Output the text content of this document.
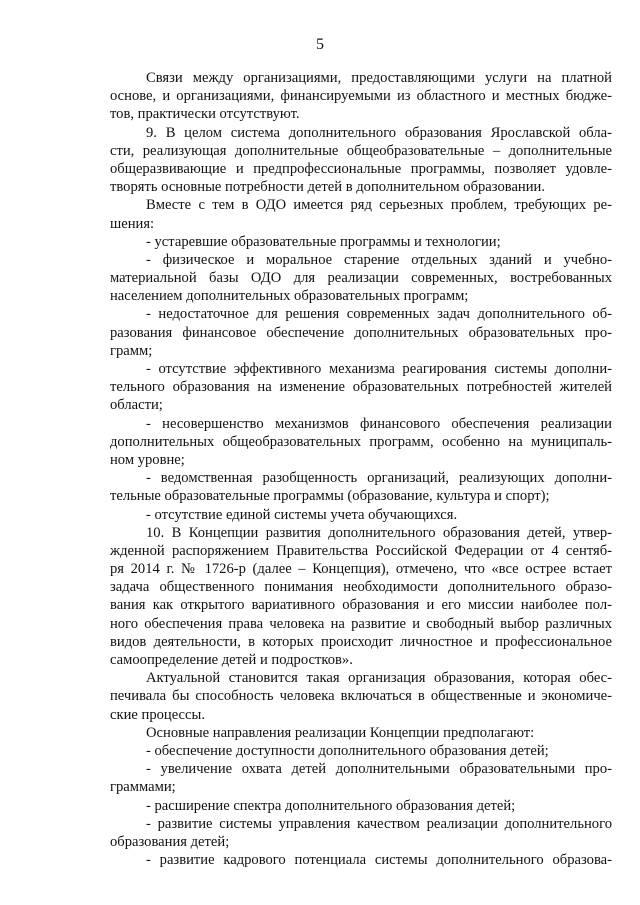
5
Связи между организациями, предоставляющими услуги на платной
основе, и организациями, финансируемыми из областного и местных бюдже-
тов, практически отсутствуют.
9. В целом система дополнительного образования Ярославской обла-
сти, реализующая дополнительные общеобразовательные – дополнительные
общеразвивающие и предпрофессиональные программы, позволяет удовле-
творять основные потребности детей в дополнительном образовании.
Вместе с тем в ОДО имеется ряд серьезных проблем, требующих ре-
шения:
- устаревшие образовательные программы и технологии;
- физическое и моральное старение отдельных зданий и учебно-
материальной базы ОДО для реализации современных, востребованных
населением дополнительных образовательных программ;
- недостаточное для решения современных задач дополнительного об-
разования финансовое обеспечение дополнительных образовательных про-
грамм;
- отсутствие эффективного механизма реагирования системы дополни-
тельного образования на изменение образовательных потребностей жителей
области;
- несовершенство механизмов финансового обеспечения реализации
дополнительных общеобразовательных программ, особенно на муниципаль-
ном уровне;
- ведомственная разобщенность организаций, реализующих дополни-
тельные образовательные программы (образование, культура и спорт);
- отсутствие единой системы учета обучающихся.
10. В Концепции развития дополнительного образования детей, утвер-
жденной распоряжением Правительства Российской Федерации от 4 сентяб-
ря 2014 г. № 1726-р (далее – Концепция), отмечено, что «все острее встает
задача общественного понимания необходимости дополнительного образо-
вания как открытого вариативного образования и его миссии наиболее пол-
ного обеспечения права человека на развитие и свободный выбор различных
видов деятельности, в которых происходит личностное и профессиональное
самоопределение детей и подростков».
Актуальной становится такая организация образования, которая обес-
печивала бы способность человека включаться в общественные и экономиче-
ские процессы.
Основные направления реализации Концепции предполагают:
- обеспечение доступности дополнительного образования детей;
- увеличение охвата детей дополнительными образовательными про-
граммами;
- расширение спектра дополнительного образования детей;
- развитие системы управления качеством реализации дополнительного
образования детей;
- развитие кадрового потенциала системы дополнительного образова-
